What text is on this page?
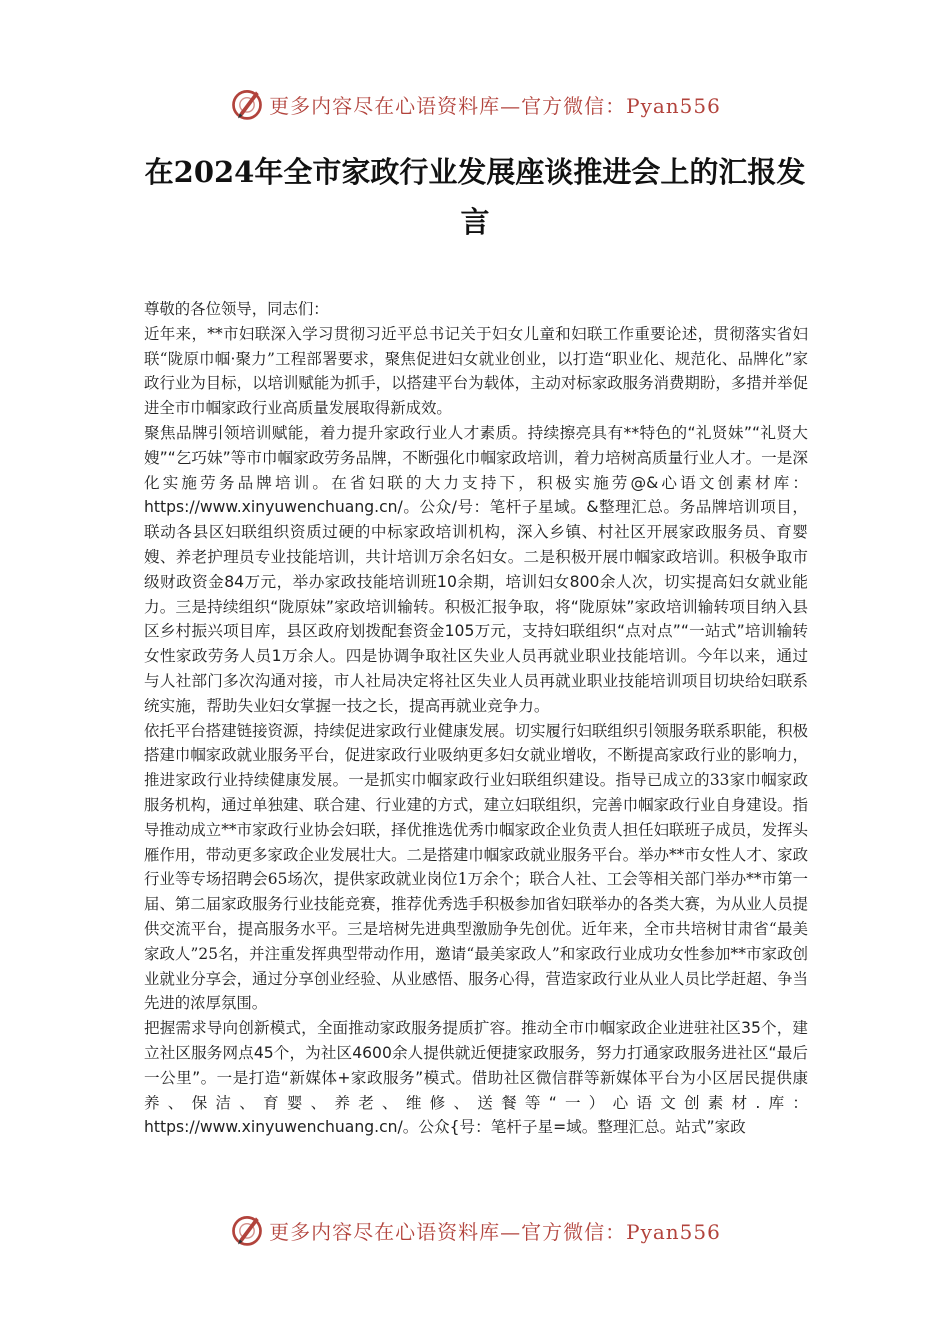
更多内容尽在心语资料库—官方微信：Pyan556
在2024年全市家政行业发展座谈推进会上的汇报发言

尊敬的各位领导，同志们：

近年来，**市妇联深入学习贯彻习近平总书记关于妇女儿童和妇联工作重要论述，贯彻落实省妇联“陇原巾帼·聚力”工程部署要求，聚焦促进妇女就业创业，以打造“职业化、规范化、品牌化”家政行业为目标，以培训赋能为抓手，以搭建平台为载体，主动对标家政服务消费期盼，多措并举促进全市巾帼家政行业高质量发展取得新成效。

聚焦品牌引领培训赋能，着力提升家政行业人才素质。持续擦亮具有**特色的“礼贤妹”“礼贤大嫂”“乞巧妹”等市巾帼家政劳务品牌，不断强化巾帼家政培训，着力培树高质量行业人才。一是深化实施劳务品牌培训。在省妇联的大力支持下，积极实施劳@&心语文创素材库：https://www.xinyuwenchuang.cn/。公众/号：笔杆子星域。&整理汇总。务品牌培训项目，联动各县区妇联组织资质过硬的中标家政培训机构，深入乡镇、村社区开展家政服务员、育婴嫂、养老护理员专业技能培训，共计培训万余名妇女。二是积极开展巾帼家政培训。积极争取市级财政资金84万元，举办家政技能培训班10余期，培训妇女800余人次，切实提高妇女就业能力。三是持续组织“陇原妹”家政培训输转。积极汇报争取，将“陇原妹”家政培训输转项目纳入县区乡村振兴项目库，县区政府划拨配套资金105万元，支持妇联组织“点对点”“一站式”培训输转女性家政劳务人员1万余人。四是协调争取社区失业人员再就业职业技能培训。今年以来，通过与人社部门多次沟通对接，市人社局决定将社区失业人员再就业职业技能培训项目切块给妇联系统实施，帮助失业妇女掌握一技之长，提高再就业竞争力。

依托平台搭建链接资源，持续促进家政行业健康发展。切实履行妇联组织引领服务联系职能，积极搭建巾帼家政就业服务平台，促进家政行业吸纳更多妇女就业增收，不断提高家政行业的影响力，推进家政行业持续健康发展。一是抓实巾帼家政行业妇联组织建设。指导已成立的33家巾帼家政服务机构，通过单独建、联合建、行业建的方式，建立妇联组织，完善巾帼家政行业自身建设。指导推动成立**市家政行业协会妇联，择优推选优秀巾帼家政企业负责人担任妇联班子成员，发挥头雁作用，带动更多家政企业发展壮大。二是搭建巾帼家政就业服务平台。举办**市女性人才、家政行业等专场招聘会65场次，提供家政就业岗位1万余个；联合人社、工会等相关部门举办**市第一届、第二届家政服务行业技能竞赛，推荐优秀选手积极参加省妇联举办的各类大赛，为从业人员提供交流平台，提高服务水平。三是培树先进典型激励争先创优。近年来，全市共培树甘肃省“最美家政人”25名，并注重发挥典型带动作用，邀请“最美家政人”和家政行业成功女性参加**市家政创业就业分享会，通过分享创业经验、从业感悟、服务心得，营造家政行业从业人员比学赶超、争当先进的浓厚氛围。

把握需求导向创新模式，全面推动家政服务提质扩容。推动全市巾帼家政企业进驻社区35个，建立社区服务网点45个，为社区4600余人提供就近便捷家政服务，努力打通家政服务进社区“最后一公里”。一是打造“新媒体+家政服务”模式。借助社区微信群等新媒体平台为小区居民提供康养、保洁、育婴、养老、维修、送餐等“一）心语文创素材.库：https://www.xinyuwenchuang.cn/。公众{号：笔杆子星=域。整理汇总。站式”家政

更多内容尽在心语资料库—官方微信：Pyan556
